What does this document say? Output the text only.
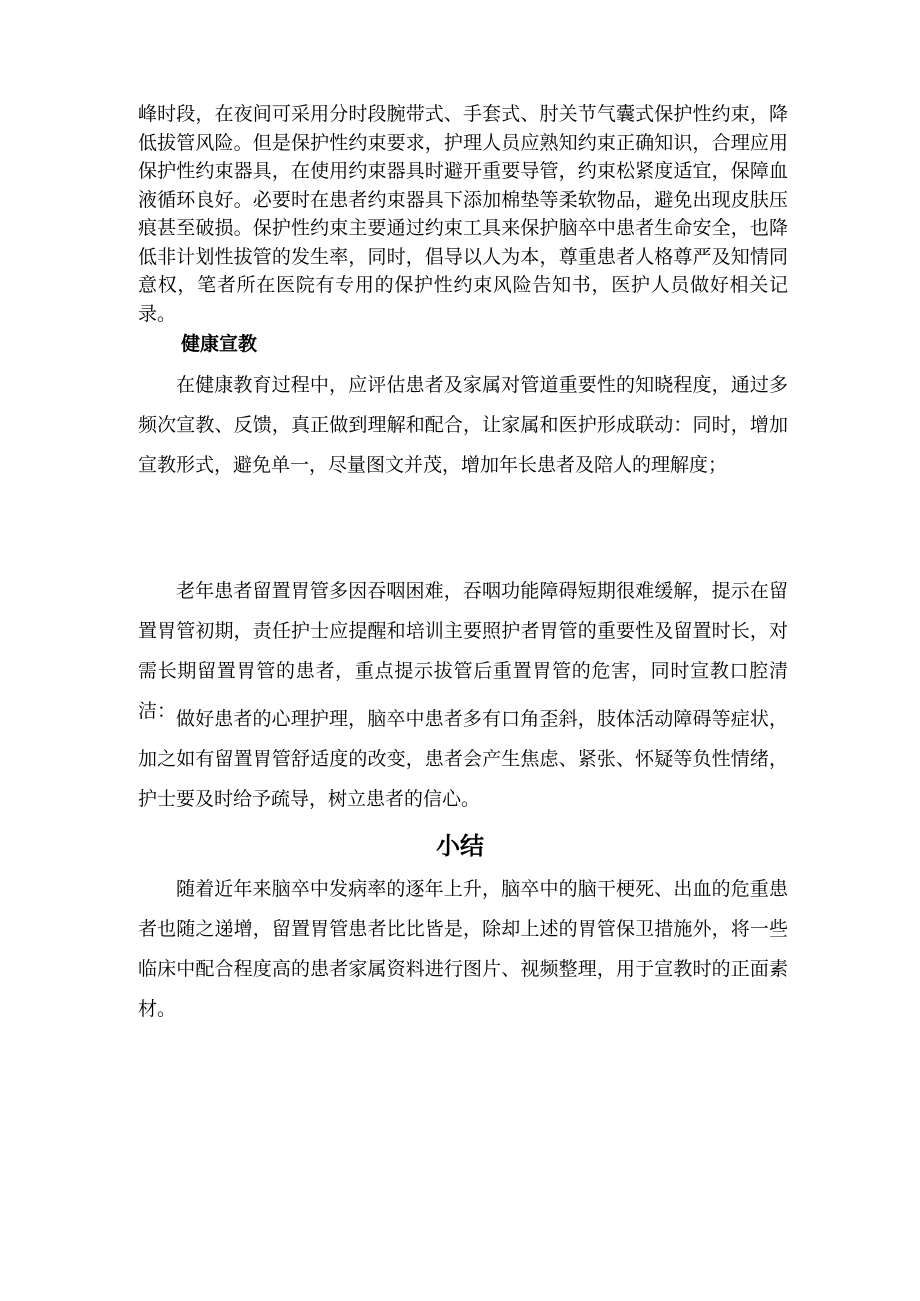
峰时段，在夜间可采用分时段腕带式、手套式、肘关节气囊式保护性约束，降低拔管风险。但是保护性约束要求，护理人员应熟知约束正确知识，合理应用保护性约束器具，在使用约束器具时避开重要导管，约束松紧度适宜，保障血液循环良好。必要时在患者约束器具下添加棉垫等柔软物品，避免出现皮肤压痕甚至破损。保护性约束主要通过约束工具来保护脑卒中患者生命安全，也降低非计划性拔管的发生率，同时，倡导以人为本，尊重患者人格尊严及知情同意权，笔者所在医院有专用的保护性约束风险告知书，医护人员做好相关记录。

健康宣教

在健康教育过程中，应评估患者及家属对管道重要性的知晓程度，通过多频次宣教、反馈，真正做到理解和配合，让家属和医护形成联动：同时，增加宣教形式，避免单一，尽量图文并茂，增加年长患者及陪人的理解度；

老年患者留置胃管多因吞咽困难，吞咽功能障碍短期很难缓解，提示在留置胃管初期，责任护士应提醒和培训主要照护者胃管的重要性及留置时长，对需长期留置胃管的患者，重点提示拔管后重置胃管的危害，同时宣教口腔清洁： 做好患者的心理护理，脑卒中患者多有口角歪斜，肢体活动障碍等症状，加之如有留置胃管舒适度的改变，患者会产生焦虑、紧张、怀疑等负性情绪，护士要及时给予疏导，树立患者的信心。

小结

随着近年来脑卒中发病率的逐年上升，脑卒中的脑干梗死、出血的危重患者也随之递增，留置胃管患者比比皆是，除却上述的胃管保卫措施外，将一些临床中配合程度高的患者家属资料进行图片、视频整理，用于宣教时的正面素材。
